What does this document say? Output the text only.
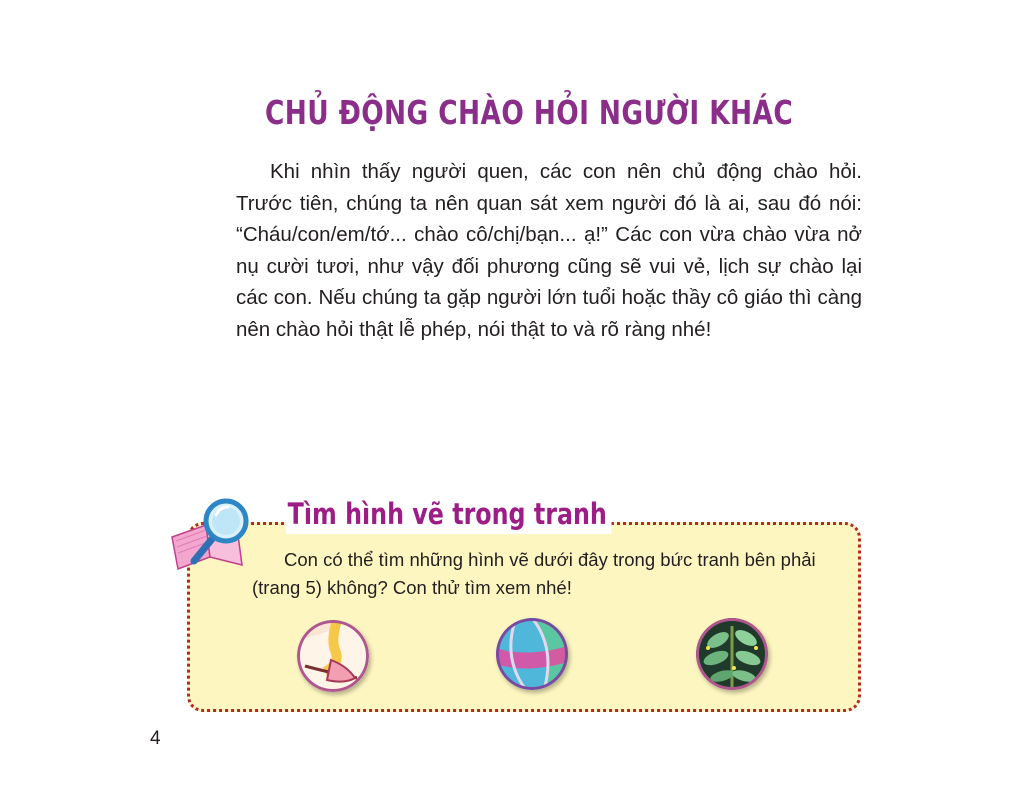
CHỦ ĐỘNG CHÀO HỎI NGƯỜI KHÁC

Khi nhìn thấy người quen, các con nên chủ động chào hỏi. Trước tiên, chúng ta nên quan sát xem người đó là ai, sau đó nói: “Cháu/con/em/tớ... chào cô/chị/bạn... ạ!” Các con vừa chào vừa nở nụ cười tươi, như vậy đối phương cũng sẽ vui vẻ, lịch sự chào lại các con. Nếu chúng ta gặp người lớn tuổi hoặc thầy cô giáo thì càng nên chào hỏi thật lễ phép, nói thật to và rõ ràng nhé!

Tìm hình vẽ trong tranh

Con có thể tìm những hình vẽ dưới đây trong bức tranh bên phải (trang 5) không? Con thử tìm xem nhé!

4
